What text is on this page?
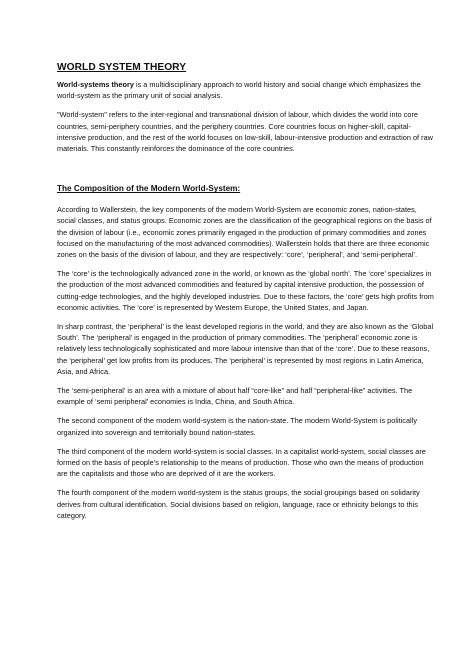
WORLD SYSTEM THEORY

World-systems theory is a multidisciplinary approach to world history and social change which emphasizes the world-system as the primary unit of social analysis.

"World-system" refers to the inter-regional and transnational division of labour, which divides the world into core countries, semi-periphery countries, and the periphery countries. Core countries focus on higher-skill, capital-intensive production, and the rest of the world focuses on low-skill, labour-intensive production and extraction of raw materials. This constantly reinforces the dominance of the core countries.

The Composition of the Modern World-System:

According to Wallerstein, the key components of the modern World-System are economic zones, nation-states, social classes, and status groups. Economic zones are the classification of the geographical regions on the basis of the division of labour (i.e., economic zones primarily engaged in the production of primary commodities and zones focused on the manufacturing of the most advanced commodities). Wallerstein holds that there are three economic zones on the basis of the division of labour, and they are respectively: ‘core’, ‘peripheral’, and ‘semi-peripheral’.

The ‘core’ is the technologically advanced zone in the world, or known as the ‘global north’. The ‘core’ specializes in the production of the most advanced commodities and featured by capital intensive production, the possession of cutting-edge technologies, and the highly developed industries. Due to these factors, the ‘core’ gets high profits from economic activities. The ‘core’ is represented by Western Europe, the United States, and Japan.

In sharp contrast, the ‘peripheral’ is the least developed regions in the world, and they are also known as the ‘Global South’. The ‘peripheral’ is engaged in the production of primary commodities. The ‘peripheral’ economic zone is relatively less technologically sophisticated and more labour intensive than that of the ‘core’. Due to these reasons, the ‘peripheral’ get low profits from its produces. The ‘peripheral’ is represented by most regions in Latin America, Asia, and Africa.

The ‘semi-peripheral’ is an area with a mixture of about half “core-like” and half “peripheral-like” activities. The example of ‘semi peripheral’ economies is India, China, and South Africa.

The second component of the modern world-system is the nation-state. The modern World-System is politically organized into sovereign and territorially bound nation-states.

The third component of the modern world-system is social classes. In a capitalist world-system, social classes are formed on the basis of people’s relationship to the means of production. Those who own the means of production are the capitalists and those who are deprived of it are the workers.

The fourth component of the modern world-system is the status groups, the social groupings based on solidarity derives from cultural identification. Social divisions based on religion, language, race or ethnicity belongs to this category.
